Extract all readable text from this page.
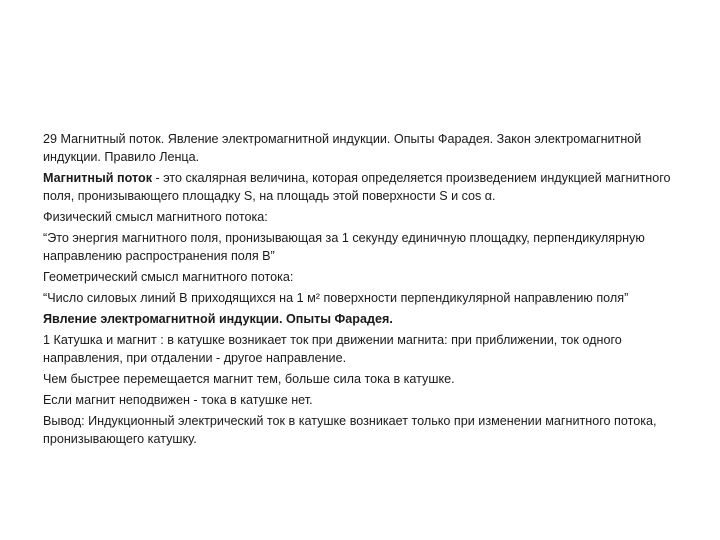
29 Магнитный поток. Явление электромагнитной индукции. Опыты Фарадея. Закон электромагнитной индукции. Правило Ленца.

Магнитный поток - это скалярная величина, которая определяется произведением индукцией магнитного поля, пронизывающего площадку S, на площадь этой поверхности S и cos α.

Физический смысл магнитного потока:

“Это энергия магнитного поля, пронизывающая за 1 секунду единичную площадку, перпендикулярную направлению распространения поля В”

Геометрический смысл магнитного потока:

“Число силовых линий В приходящихся на 1 м² поверхности перпендикулярной направлению поля”

Явление электромагнитной индукции. Опыты Фарадея.

1 Катушка и магнит : в катушке возникает ток при движении магнита: при приближении, ток одного направления, при отдалении - другое направление.

Чем быстрее перемещается магнит тем, больше сила тока в катушке.

Если магнит неподвижен - тока в катушке нет.

Вывод: Индукционный электрический ток в катушке возникает только при изменении магнитного потока, пронизывающего катушку.
